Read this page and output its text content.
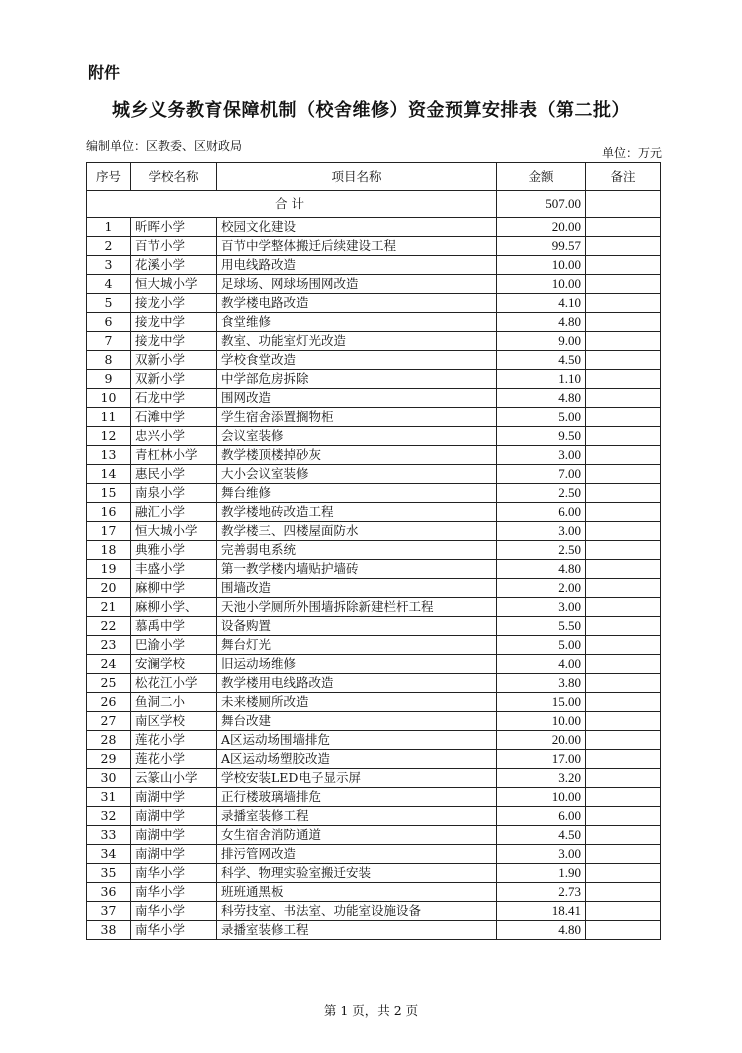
附件
城乡义务教育保障机制（校舍维修）资金预算安排表（第二批）
编制单位：区教委、区财政局	单位：万元
序号	学校名称	项目名称	金额	备注
合计			507.00	
1	昕晖小学	校园文化建设	20.00	
2	百节小学	百节中学整体搬迁后续建设工程	99.57	
3	花溪小学	用电线路改造	10.00	
4	恒大城小学	足球场、网球场围网改造	10.00	
5	接龙小学	教学楼电路改造	4.10	
6	接龙中学	食堂维修	4.80	
7	接龙中学	教室、功能室灯光改造	9.00	
8	双新小学	学校食堂改造	4.50	
9	双新小学	中学部危房拆除	1.10	
10	石龙中学	围网改造	4.80	
11	石滩中学	学生宿舍添置搁物柜	5.00	
12	忠兴小学	会议室装修	9.50	
13	青杠林小学	教学楼顶楼掉砂灰	3.00	
14	惠民小学	大小会议室装修	7.00	
15	南泉小学	舞台维修	2.50	
16	融汇小学	教学楼地砖改造工程	6.00	
17	恒大城小学	教学楼三、四楼屋面防水	3.00	
18	典雅小学	完善弱电系统	2.50	
19	丰盛小学	第一教学楼内墙贴护墙砖	4.80	
20	麻柳中学	围墙改造	2.00	
21	麻柳小学、	天池小学厕所外围墙拆除新建栏杆工程	3.00	
22	慕禹中学	设备购置	5.50	
23	巴渝小学	舞台灯光	5.00	
24	安澜学校	旧运动场维修	4.00	
25	松花江小学	教学楼用电线路改造	3.80	
26	鱼洞二小	未来楼厕所改造	15.00	
27	南区学校	舞台改建	10.00	
28	莲花小学	A区运动场围墙排危	20.00	
29	莲花小学	A区运动场塑胶改造	17.00	
30	云篆山小学	学校安装LED电子显示屏	3.20	
31	南湖中学	正行楼玻璃墙排危	10.00	
32	南湖中学	录播室装修工程	6.00	
33	南湖中学	女生宿舍消防通道	4.50	
34	南湖中学	排污管网改造	3.00	
35	南华小学	科学、物理实验室搬迁安装	1.90	
36	南华小学	班班通黑板	2.73	
37	南华小学	科劳技室、书法室、功能室设施设备	18.41	
38	南华小学	录播室装修工程	4.80	
第 1 页，共 2 页
